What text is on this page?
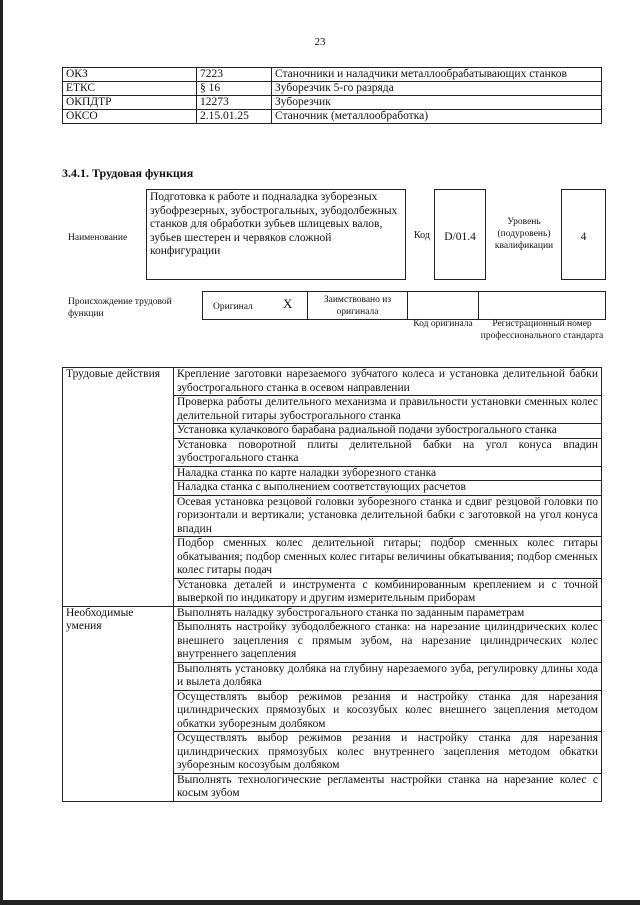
23
ОКЗ	7223	Станочники и наладчики металлообрабатывающих станков
ЕТКС	§ 16	Зуборезчик 5-го разряда
ОКПДТР	12273	Зуборезчик
ОКСО	2.15.01.25	Станочник (металлообработка)
3.4.1. Трудовая функция
Наименование
Подготовка к работе и подналадка зуборезных зубофрезерных, зубострогальных, зубодолбежных станков для обработки зубьев шлицевых валов, зубьев шестерен и червяков сложной конфигурации
Код	D/01.4
Уровень (подуровень) квалификации
4
Происхождение трудовой функции
Оригинал X	Заимствовано из оригинала
Код оригинала	Регистрационный номер профессионального стандарта
Трудовые действия	Крепление заготовки нарезаемого зубчатого колеса и установка делительной бабки зубострогального станка в осевом направлении
	Проверка работы делительного механизма и правильности установки сменных колес делительной гитары зубострогального станка
	Установка кулачкового барабана радиальной подачи зубострогального станка
	Установка поворотной плиты делительной бабки на угол конуса впадин зубострогального станка
	Наладка станка по карте наладки зуборезного станка
	Наладка станка с выполнением соответствующих расчетов
	Осевая установка резцовой головки зуборезного станка и сдвиг резцовой головки по горизонтали и вертикали; установка делительной бабки с заготовкой на угол конуса впадин
	Подбор сменных колес делительной гитары; подбор сменных колес гитары обкатывания; подбор сменных колес гитары величины обкатывания; подбор сменных колес гитары подач
	Установка деталей и инструмента с комбинированным креплением и с точной выверкой по индикатору и другим измерительным приборам
Необходимые умения	Выполнять наладку зубострогального станка по заданным параметрам
	Выполнять настройку зубодолбежного станка: на нарезание цилиндрических колес внешнего зацепления с прямым зубом, на нарезание цилиндрических колес внутреннего зацепления
	Выполнять установку долбяка на глубину нарезаемого зуба, регулировку длины хода и вылета долбяка
	Осуществлять выбор режимов резания и настройку станка для нарезания цилиндрических прямозубых и косозубых колес внешнего зацепления методом обкатки зуборезным долбяком
	Осуществлять выбор режимов резания и настройку станка для нарезания цилиндрических прямозубых колес внутреннего зацепления методом обкатки зуборезным косозубым долбяком
	Выполнять технологические регламенты настройки станка на нарезание колес с косым зубом
